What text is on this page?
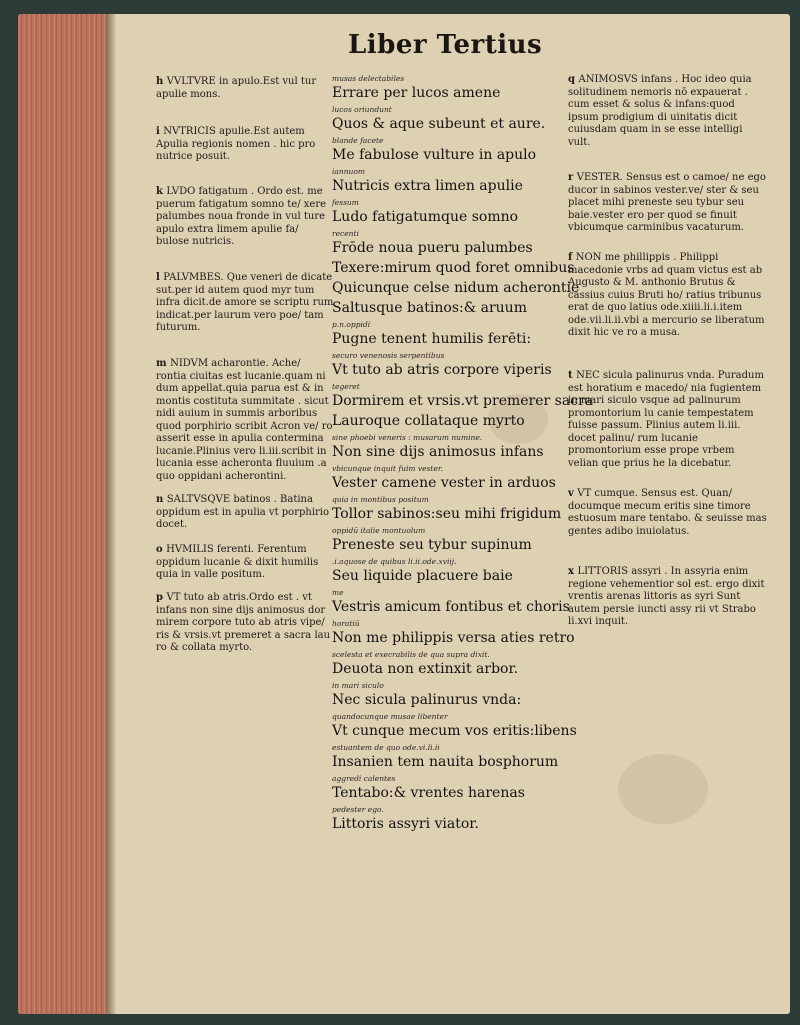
Liber Tertius
h VVLTVRE in apulo.Est vul tur apulie mons.
i NVTRICIS apulie.Est autem Apulia regionis nomen . hic pro nutrice posuit.
k LVDO fatigatum . Ordo est. me puerum fatigatum somno te/ xere palumbes noua fronde in vul ture apulo extra limem apulie fa/ bulose nutricis.
l PALVMBES. Que veneri de dicate sut.per id autem quod myr tum infra dicit.de amore se scriptu rum indicat.per laurum vero poe/ tam futurum.
m NIDVM acharontie. Ache/ rontia ciuitas est lucanie.quam ni dum appellat.quia parua est & in montis costituta summitate . sicut nidi auium in summis arboribus quod porphirio scribit Acron ve/ ro asserit esse in apulia contermina lucanie.Plinius vero li.iii.scribit in lucania esse acheronta fluuium .a quo oppidani acherontini.
n SALTVSQVE batinos . Batina oppidum est in apulia vt porphirio docet.
o HVMILIS ferenti. Ferentum oppidum lucanie & dixit humilis quia in valle positum.
p VT tuto ab atris.Ordo est . vt infans non sine dijs animosus dor mirem corpore tuto ab atris vipe/ ris & vrsis.vt premeret a sacra lau ro & collata myrto.
q ANIMOSVS infans . Hoc ideo quia solitudinem nemoris nō expauerat . cum esset & solus & infans:quod ipsum prodigium di uinitatis dicit cuiusdam quam in se esse intelligi vult.
r VESTER. Sensus est o camoe/ ne ego ducor in sabinos vester.ve/ ster & seu placet mihi preneste seu tybur seu baie.vester ero per quod se finuit vbicumque carminibus vacaturum.
f NON me phillippis . Philippi macedonie vrbs ad quam victus est ab Augusto & M. anthonio Brutus & cassius cuius Bruti ho/ ratius tribunus erat de quo latius ode.xiiii.li.i.item ode.vii.li.ii.vbi a mercurio se liberatum dixit hic ve ro a musa.
t NEC sicula palinurus vnda. Puradum est horatium e macedo/ nia fugientem in mari siculo vsque ad palinurum promontorium lu canie tempestatem fuisse passum. Plinius autem li.iii. docet palinu/ rum lucanie promontorium esse prope vrbem velian que prius he la dicebatur.
v VT cumque. Sensus est. Quan/ documque mecum eritis sine timore estuosum mare tentabo. & seuisse mas gentes adibo inuiolatus.
x LITTORIS assyri . In assyria enim regione vehementior sol est. ergo dixit vrentis arenas littoris as syri Sunt autem persie iuncti assy rii vt Strabo li.xvi inquit.
musas delectabiles
Errare per lucos amene
lucos oriundunt
Quos & aque subeunt et aure.
blande facete
Me fabulose vulture in apulo
iannuom
Nutricis extra limen apulie
fessum
Ludo fatigatumque somno
recenti
Frōde noua pueru palumbes
Texere:mirum quod foret omnibus
Quicunque celse nidum acherontie
Saltusque batinos:& aruum
p.n.oppidi
Pugne tenent humilis ferēti:
securo venenosis serpentibus
Vt tuto ab atris corpore viperis
tegeret
Dormirem et vrsis.vt premerer sacra
Lauroque collataque myrto
sine phoebi veneris : musarum numine.
Non sine dijs animosus infans
vbicunque inquit fuim vester.
Vester camene vester in arduos
quia in montibus positum
Tollor sabinos:seu mihi frigidum
oppidū italie montuolum
Preneste seu tybur supinum
.i.aquose de quibus li.ii.ode.xviij.
Seu liquide placuere baie
me
Vestris amicum fontibus et choris
horatiū
Non me philippis versa aties retro
scelesta et execrabilis de qua supra dixit.
Deuota non extinxit arbor.
in mari siculo
Nec sicula palinurus vnda:
quandocunque musae libenter
Vt cunque mecum vos eritis:libens
estuantem de quo ode.vi.li.ii
Insanien tem nauita bosphorum
aggredi calentes
Tentabo:& vrentes harenas
pedester ego.
Littoris assyri viator.
